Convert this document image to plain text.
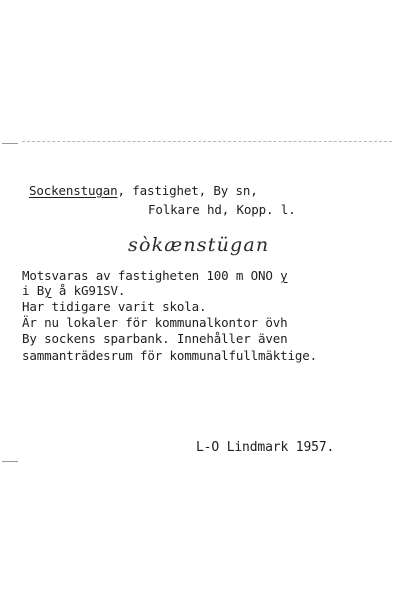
Sockenstugan, fastighet, By sn,
Folkare hd, Kopp. l.
sòkænstügan
Motsvaras av fastigheten 100 m ONO y
i By å kG91SV.
Har tidigare varit skola.
Är nu lokaler för kommunalkontor övh
By sockens sparbank. Innehåller även
sammanträdesrum för kommunalfullmäktige.
L-O Lindmark 1957.
